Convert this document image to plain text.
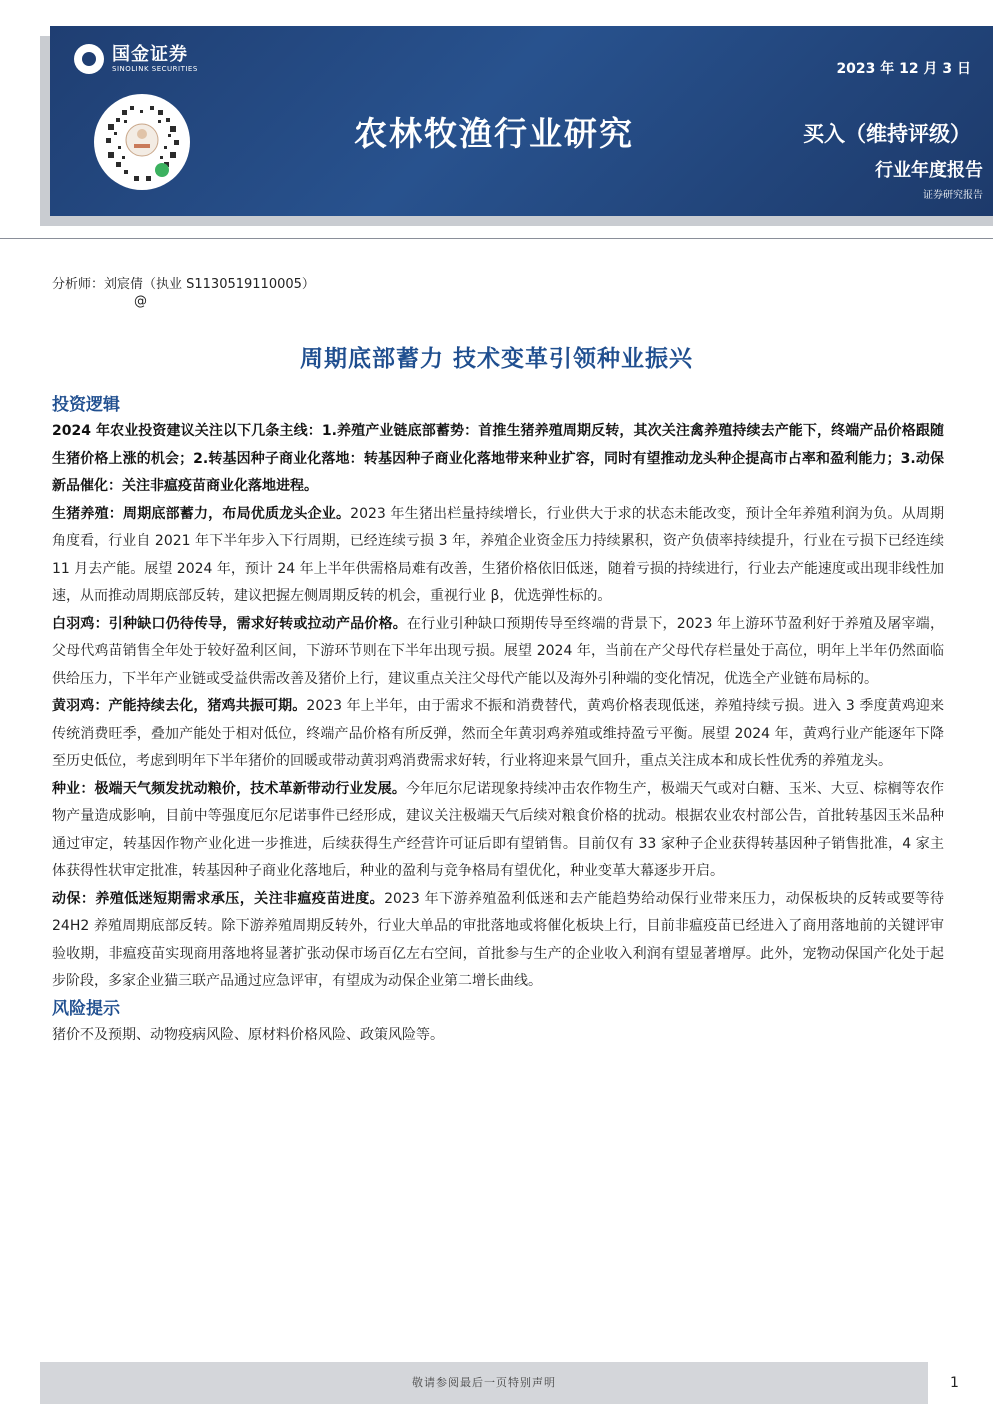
国金证券
SINOLINK SECURITIES	2023 年 12 月 3 日
农林牧渔行业研究	买入（维持评级）
行业年度报告
证券研究报告
分析师：刘宸倩（执业 S1130519110005）
@
周期底部蓄力 技术变革引领种业振兴

投资逻辑

2024 年农业投资建议关注以下几条主线：1.养殖产业链底部蓄势：首推生猪养殖周期反转，其次关注禽养殖持续去产能下，终端产品价格跟随生猪价格上涨的机会；2.转基因种子商业化落地：转基因种子商业化落地带来种业扩容，同时有望推动龙头种企提高市占率和盈利能力；3.动保新品催化：关注非瘟疫苗商业化落地进程。

生猪养殖：周期底部蓄力，布局优质龙头企业。2023 年生猪出栏量持续增长，行业供大于求的状态未能改变，预计全年养殖利润为负。从周期角度看，行业自 2021 年下半年步入下行周期，已经连续亏损 3 年，养殖企业资金压力持续累积，资产负债率持续提升，行业在亏损下已经连续 11 月去产能。展望 2024 年，预计 24 年上半年供需格局难有改善，生猪价格依旧低迷，随着亏损的持续进行，行业去产能速度或出现非线性加速，从而推动周期底部反转，建议把握左侧周期反转的机会，重视行业 β，优选弹性标的。

白羽鸡：引种缺口仍待传导，需求好转或拉动产品价格。在行业引种缺口预期传导至终端的背景下，2023 年上游环节盈利好于养殖及屠宰端，父母代鸡苗销售全年处于较好盈利区间，下游环节则在下半年出现亏损。展望 2024 年，当前在产父母代存栏量处于高位，明年上半年仍然面临供给压力，下半年产业链或受益供需改善及猪价上行，建议重点关注父母代产能以及海外引种端的变化情况，优选全产业链布局标的。

黄羽鸡：产能持续去化，猪鸡共振可期。2023 年上半年，由于需求不振和消费替代，黄鸡价格表现低迷，养殖持续亏损。进入 3 季度黄鸡迎来传统消费旺季，叠加产能处于相对低位，终端产品价格有所反弹，然而全年黄羽鸡养殖或维持盈亏平衡。展望 2024 年，黄鸡行业产能逐年下降至历史低位，考虑到明年下半年猪价的回暖或带动黄羽鸡消费需求好转，行业将迎来景气回升，重点关注成本和成长性优秀的养殖龙头。

种业：极端天气频发扰动粮价，技术革新带动行业发展。今年厄尔尼诺现象持续冲击农作物生产，极端天气或对白糖、玉米、大豆、棕榈等农作物产量造成影响，目前中等强度厄尔尼诺事件已经形成，建议关注极端天气后续对粮食价格的扰动。根据农业农村部公告，首批转基因玉米品种通过审定，转基因作物产业化进一步推进，后续获得生产经营许可证后即有望销售。目前仅有 33 家种子企业获得转基因种子销售批准，4 家主体获得性状审定批准，转基因种子商业化落地后，种业的盈利与竞争格局有望优化，种业变革大幕逐步开启。

动保：养殖低迷短期需求承压，关注非瘟疫苗进度。2023 年下游养殖盈利低迷和去产能趋势给动保行业带来压力，动保板块的反转或要等待 24H2 养殖周期底部反转。除下游养殖周期反转外，行业大单品的审批落地或将催化板块上行，目前非瘟疫苗已经进入了商用落地前的关键评审验收期，非瘟疫苗实现商用落地将显著扩张动保市场百亿左右空间，首批参与生产的企业收入利润有望显著增厚。此外，宠物动保国产化处于起步阶段，多家企业猫三联产品通过应急评审，有望成为动保企业第二增长曲线。

风险提示

猪价不及预期、动物疫病风险、原材料价格风险、政策风险等。

敬请参阅最后一页特别声明	1
